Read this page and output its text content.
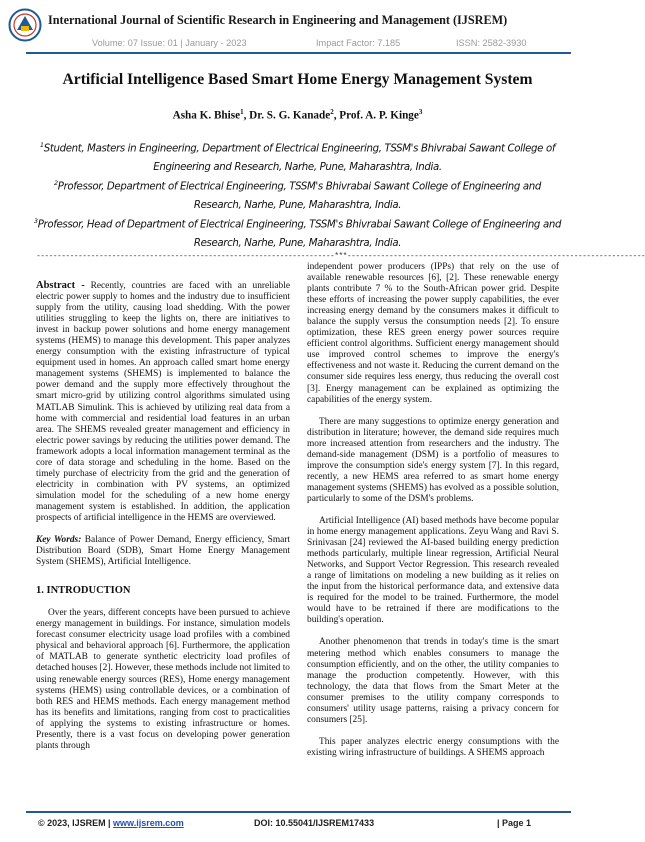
International Journal of Scientific Research in Engineering and Management (IJSREM)
Volume: 07 Issue: 01 | January - 2023	Impact Factor: 7.185	ISSN: 2582-3930
Artificial Intelligence Based Smart Home Energy Management System
Asha K. Bhise$^1$, Dr. S. G. Kanade$^2$, Prof. A. P. Kinge$^3$
$^1$Student, Masters in Engineering, Department of Electrical Engineering, TSSM's Bhivrabai Sawant College of Engineering and Research, Narhe, Pune, Maharashtra, India.
$^2$Professor, Department of Electrical Engineering, TSSM's Bhivrabai Sawant College of Engineering and Research, Narhe, Pune, Maharashtra, India.
$^3$Professor, Head of Department of Electrical Engineering, TSSM's Bhivrabai Sawant College of Engineering and Research, Narhe, Pune, Maharashtra, India.
-----------------------------------------------------------------------***-----------------------------------------------------------------------

Abstract - Recently, countries are faced with an unreliable electric power supply to homes and the industry due to insufficient supply from the utility, causing load shedding. With the power utilities struggling to keep the lights on, there are initiatives to invest in backup power solutions and home energy management systems (HEMS) to manage this development. This paper analyzes energy consumption with the existing infrastructure of typical equipment used in homes. An approach called smart home energy management systems (SHEMS) is implemented to balance the power demand and the supply more effectively throughout the smart micro-grid by utilizing control algorithms simulated using MATLAB Simulink. This is achieved by utilizing real data from a home with commercial and residential load features in an urban area. The SHEMS revealed greater management and efficiency in electric power savings by reducing the utilities power demand. The framework adopts a local information management terminal as the core of data storage and scheduling in the home. Based on the timely purchase of electricity from the grid and the generation of electricity in combination with PV systems, an optimized simulation model for the scheduling of a new home energy management system is established. In addition, the application prospects of artificial intelligence in the HEMS are overviewed.

Key Words: Balance of Power Demand, Energy efficiency, Smart Distribution Board (SDB), Smart Home Energy Management System (SHEMS), Artificial Intelligence.

1. INTRODUCTION

Over the years, different concepts have been pursued to achieve energy management in buildings. For instance, simulation models forecast consumer electricity usage load profiles with a combined physical and behavioral approach [6]. Furthermore, the application of MATLAB to generate synthetic electricity load profiles of detached houses [2]. However, these methods include not limited to using renewable energy sources (RES), Home energy management systems (HEMS) using controllable devices, or a combination of both RES and HEMS methods. Each energy management method has its benefits and limitations, ranging from cost to practicalities of applying the systems to existing infrastructure or homes. Presently, there is a vast focus on developing power generation plants through

independent power producers (IPPs) that rely on the use of available renewable resources [6], [2]. These renewable energy plants contribute 7 % to the South-African power grid. Despite these efforts of increasing the power supply capabilities, the ever increasing energy demand by the consumers makes it difficult to balance the supply versus the consumption needs [2]. To ensure optimization, these RES green energy power sources require efficient control algorithms. Sufficient energy management should use improved control schemes to improve the energy's effectiveness and not waste it. Reducing the current demand on the consumer side requires less energy, thus reducing the overall cost [3]. Energy management can be explained as optimizing the capabilities of the energy system.

There are many suggestions to optimize energy generation and distribution in literature; however, the demand side requires much more increased attention from researchers and the industry. The demand-side management (DSM) is a portfolio of measures to improve the consumption side's energy system [7]. In this regard, recently, a new HEMS area referred to as smart home energy management systems (SHEMS) has evolved as a possible solution, particularly to some of the DSM's problems.

Artificial Intelligence (AI) based methods have become popular in home energy management applications. Zeyu Wang and Ravi S. Srinivasan [24] reviewed the AI-based building energy prediction methods particularly, multiple linear regression, Artificial Neural Networks, and Support Vector Regression. This research revealed a range of limitations on modeling a new building as it relies on the input from the historical performance data, and extensive data is required for the model to be trained. Furthermore, the model would have to be retrained if there are modifications to the building's operation.

Another phenomenon that trends in today's time is the smart metering method which enables consumers to manage the consumption efficiently, and on the other, the utility companies to manage the production competently. However, with this technology, the data that flows from the Smart Meter at the consumer premises to the utility company corresponds to consumers' utility usage patterns, raising a privacy concern for consumers [25].

This paper analyzes electric energy consumptions with the existing wiring infrastructure of buildings. A SHEMS approach

© 2023, IJSREM | www.ijsrem.com	DOI: 10.55041/IJSREM17433	| Page 1
